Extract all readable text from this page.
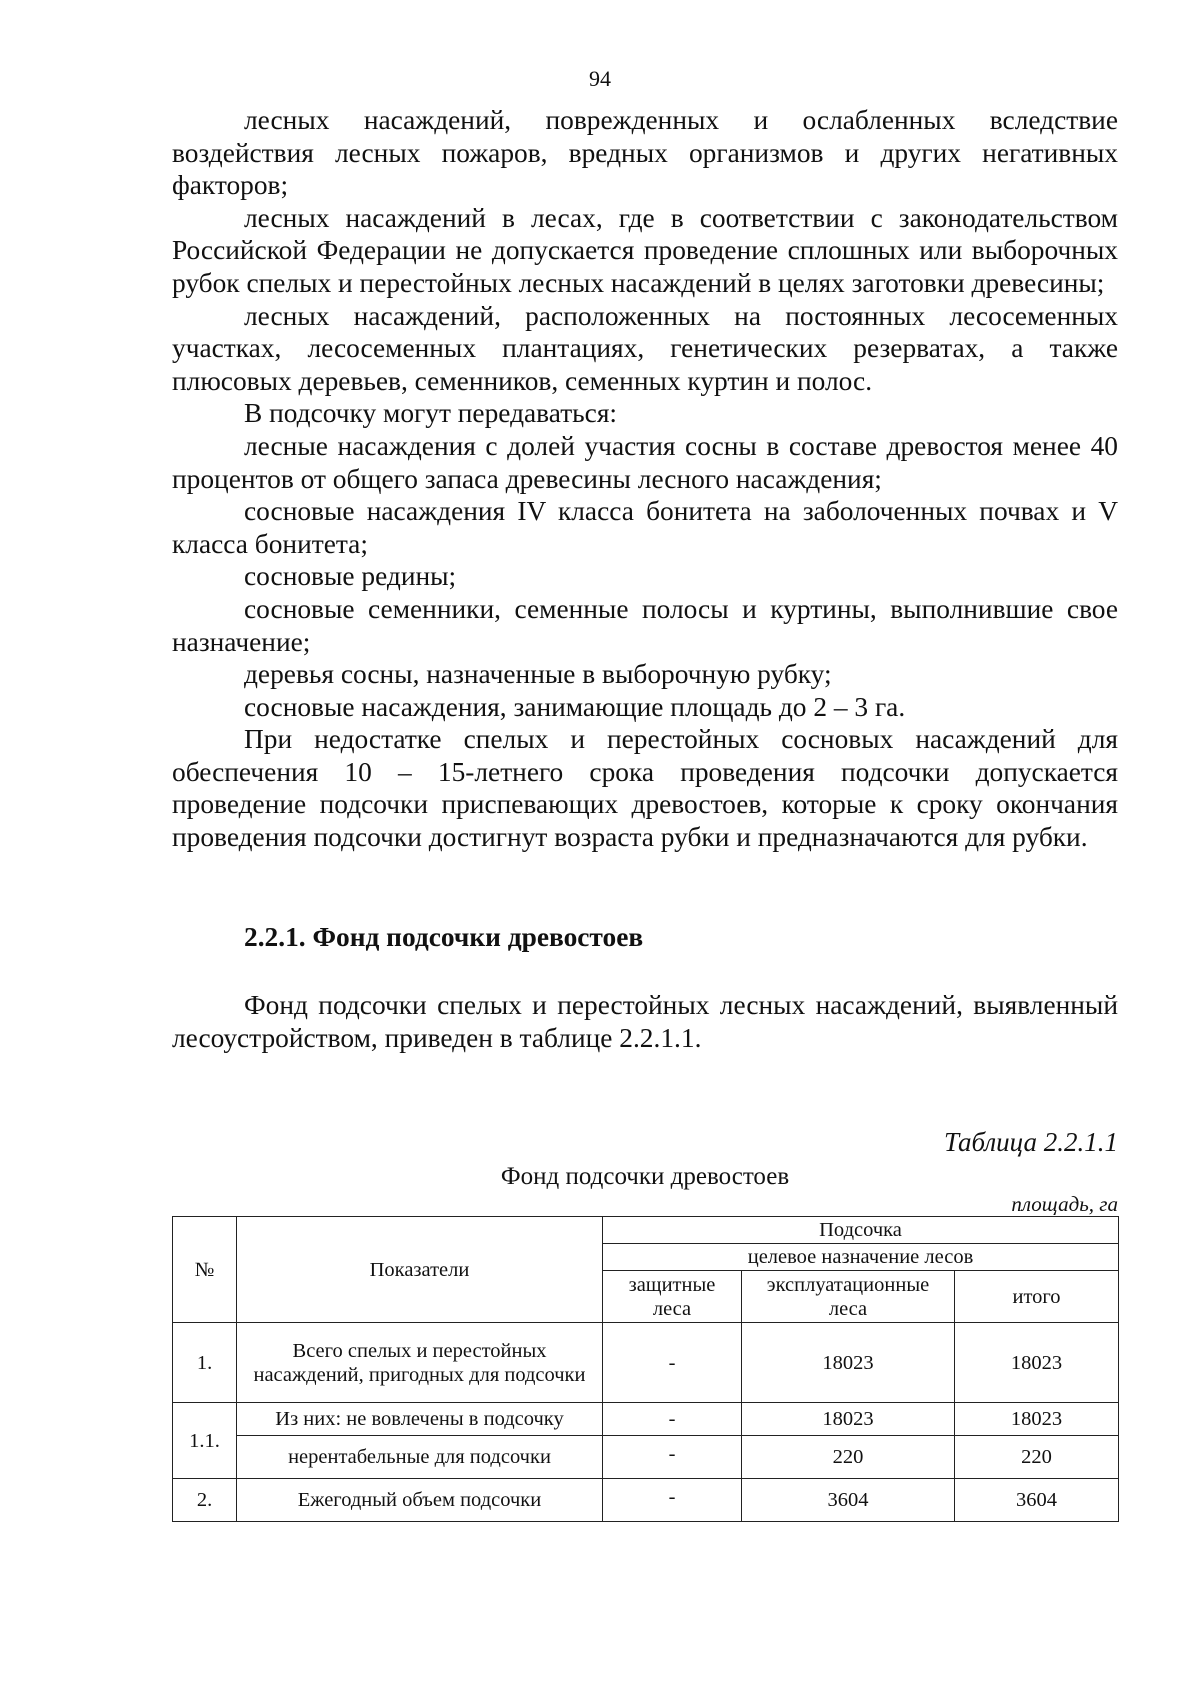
94

лесных насаждений, поврежденных и ослабленных вследствие воздействия лесных пожаров, вредных организмов и других негативных факторов;

лесных насаждений в лесах, где в соответствии с законодательством Российской Федерации не допускается проведение сплошных или выборочных рубок спелых и перестойных лесных насаждений в целях заготовки древесины;

лесных насаждений, расположенных на постоянных лесосеменных участках, лесосеменных плантациях, генетических резерватах, а также плюсовых деревьев, семенников, семенных куртин и полос.

В подсочку могут передаваться:

лесные насаждения с долей участия сосны в составе древостоя менее 40 процентов от общего запаса древесины лесного насаждения;

сосновые насаждения IV класса бонитета на заболоченных почвах и V класса бонитета;

сосновые редины;

сосновые семенники, семенные полосы и куртины, выполнившие свое назначение;

деревья сосны, назначенные в выборочную рубку;

сосновые насаждения, занимающие площадь до 2 – 3 га.

При недостатке спелых и перестойных сосновых насаждений для обеспечения 10 – 15-летнего срока проведения подсочки допускается проведение подсочки приспевающих древостоев, которые к сроку окончания проведения подсочки достигнут возраста рубки и предназначаются для рубки.

2.2.1. Фонд подсочки древостоев

Фонд подсочки спелых и перестойных лесных насаждений, выявленный лесоустройством, приведен в таблице 2.2.1.1.

Таблица 2.2.1.1
Фонд подсочки древостоев
площадь, га
№	Показатели	Подсочка		
		целевое назначение лесов		
		защитные леса	эксплуатационные леса	итого
1.	Всего спелых и перестойных насаждений, пригодных для подсочки	-	18023	18023
1.1.	Из них: не вовлечены в подсочку	-	18023	18023
	нерентабельные для подсочки	-	220	220
2.	Ежегодный объем подсочки	-	3604	3604
